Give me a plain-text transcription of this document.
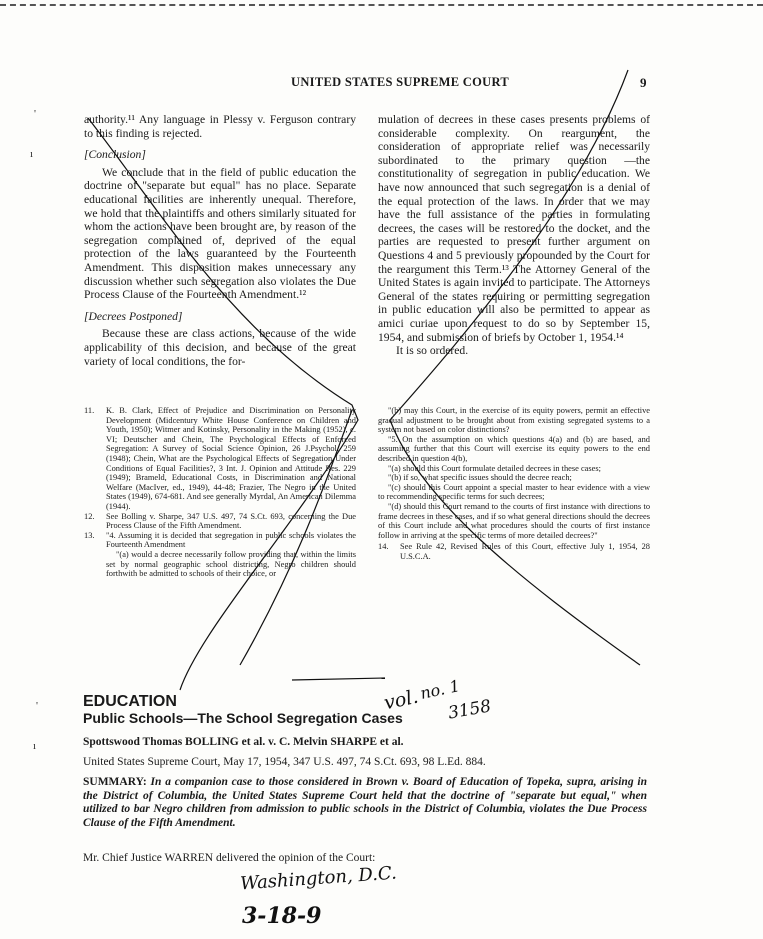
UNITED STATES SUPREME COURT	9

authority.¹¹ Any language in Plessy v. Ferguson contrary to this finding is rejected.

[Conclusion]

We conclude that in the field of public education the doctrine of "separate but equal" has no place. Separate educational facilities are inherently unequal. Therefore, we hold that the plaintiffs and others similarly situated for whom the actions have been brought are, by reason of the segregation complained of, deprived of the equal protection of the laws guaranteed by the Fourteenth Amendment. This disposition makes unnecessary any discussion whether such segregation also violates the Due Process Clause of the Fourteenth Amendment.¹²

[Decrees Postponed]

Because these are class actions, because of the wide applicability of this decision, and because of the great variety of local conditions, the for-

mulation of decrees in these cases presents problems of considerable complexity. On reargument, the consideration of appropriate relief was necessarily subordinated to the primary question —the constitutionality of segregation in public education. We have now announced that such segregation is a denial of the equal protection of the laws. In order that we may have the full assistance of the parties in formulating decrees, the cases will be restored to the docket, and the parties are requested to present further argument on Questions 4 and 5 previously propounded by the Court for the reargument this Term.¹³ The Attorney General of the United States is again invited to participate. The Attorneys General of the states requiring or permitting segregation in public education will also be permitted to appear as amici curiae upon request to do so by September 15, 1954, and submission of briefs by October 1, 1954.¹⁴

It is so ordered.

11.	K. B. Clark, Effect of Prejudice and Discrimination on Personality Development (Midcentury White House Conference on Children and Youth, 1950); Witmer and Kotinsky, Personality in the Making (1952), c. VI; Deutscher and Chein, The Psychological Effects of Enforced Segregation: A Survey of Social Science Opinion, 26 J.Psychol. 259 (1948); Chein, What are the Psychological Effects of Segregation Under Conditions of Equal Facilities?, 3 Int. J. Opinion and Attitude Res. 229 (1949); Brameld, Educational Costs, in Discrimination and National Welfare (MacIver, ed., 1949), 44-48; Frazier, The Negro in the United States (1949), 674-681. And see generally Myrdal, An American Dilemma (1944).
12.	See Bolling v. Sharpe, 347 U.S. 497, 74 S.Ct. 693, concerning the Due Process Clause of the Fifth Amendment.
13.	"4. Assuming it is decided that segregation in public schools violates the Fourteenth Amendment

"(a) would a decree necessarily follow providing that, within the limits set by normal geographic school districting, Negro children should forthwith be admitted to schools of their choice, or

"(b) may this Court, in the exercise of its equity powers, permit an effective gradual adjustment to be brought about from existing segregated systems to a system not based on color distinctions?

"5. On the assumption on which questions 4(a) and (b) are based, and assuming further that this Court will exercise its equity powers to the end described in question 4(b),

"(a) should this Court formulate detailed decrees in these cases;

"(b) if so, what specific issues should the decree reach;

"(c) should this Court appoint a special master to hear evidence with a view to recommending specific terms for such decrees;

"(d) should this Court remand to the courts of first instance with directions to frame decrees in these cases, and if so what general directions should the decrees of this Court include and what procedures should the courts of first instance follow in arriving at the specific terms of more detailed decrees?"

14.	See Rule 42, Revised Rules of this Court, effective July 1, 1954, 28 U.S.C.A.
EDUCATION
Public Schools—The School Segregation Cases
Spottswood Thomas BOLLING et al. v. C. Melvin SHARPE et al.
United States Supreme Court, May 17, 1954, 347 U.S. 497, 74 S.Ct. 693, 98 L.Ed. 884.
SUMMARY: In a companion case to those considered in Brown v. Board of Education of Topeka, supra, arising in the District of Columbia, the United States Supreme Court held that the doctrine of "separate but equal," when utilized to bar Negro children from admission to public schools in the District of Columbia, violates the Due Process Clause of the Fifth Amendment.
Mr. Chief Justice WARREN delivered the opinion of the Court:
vol.
no. 1
3158
Washington, D.C.
3-18-9
'
ı
'
ı
